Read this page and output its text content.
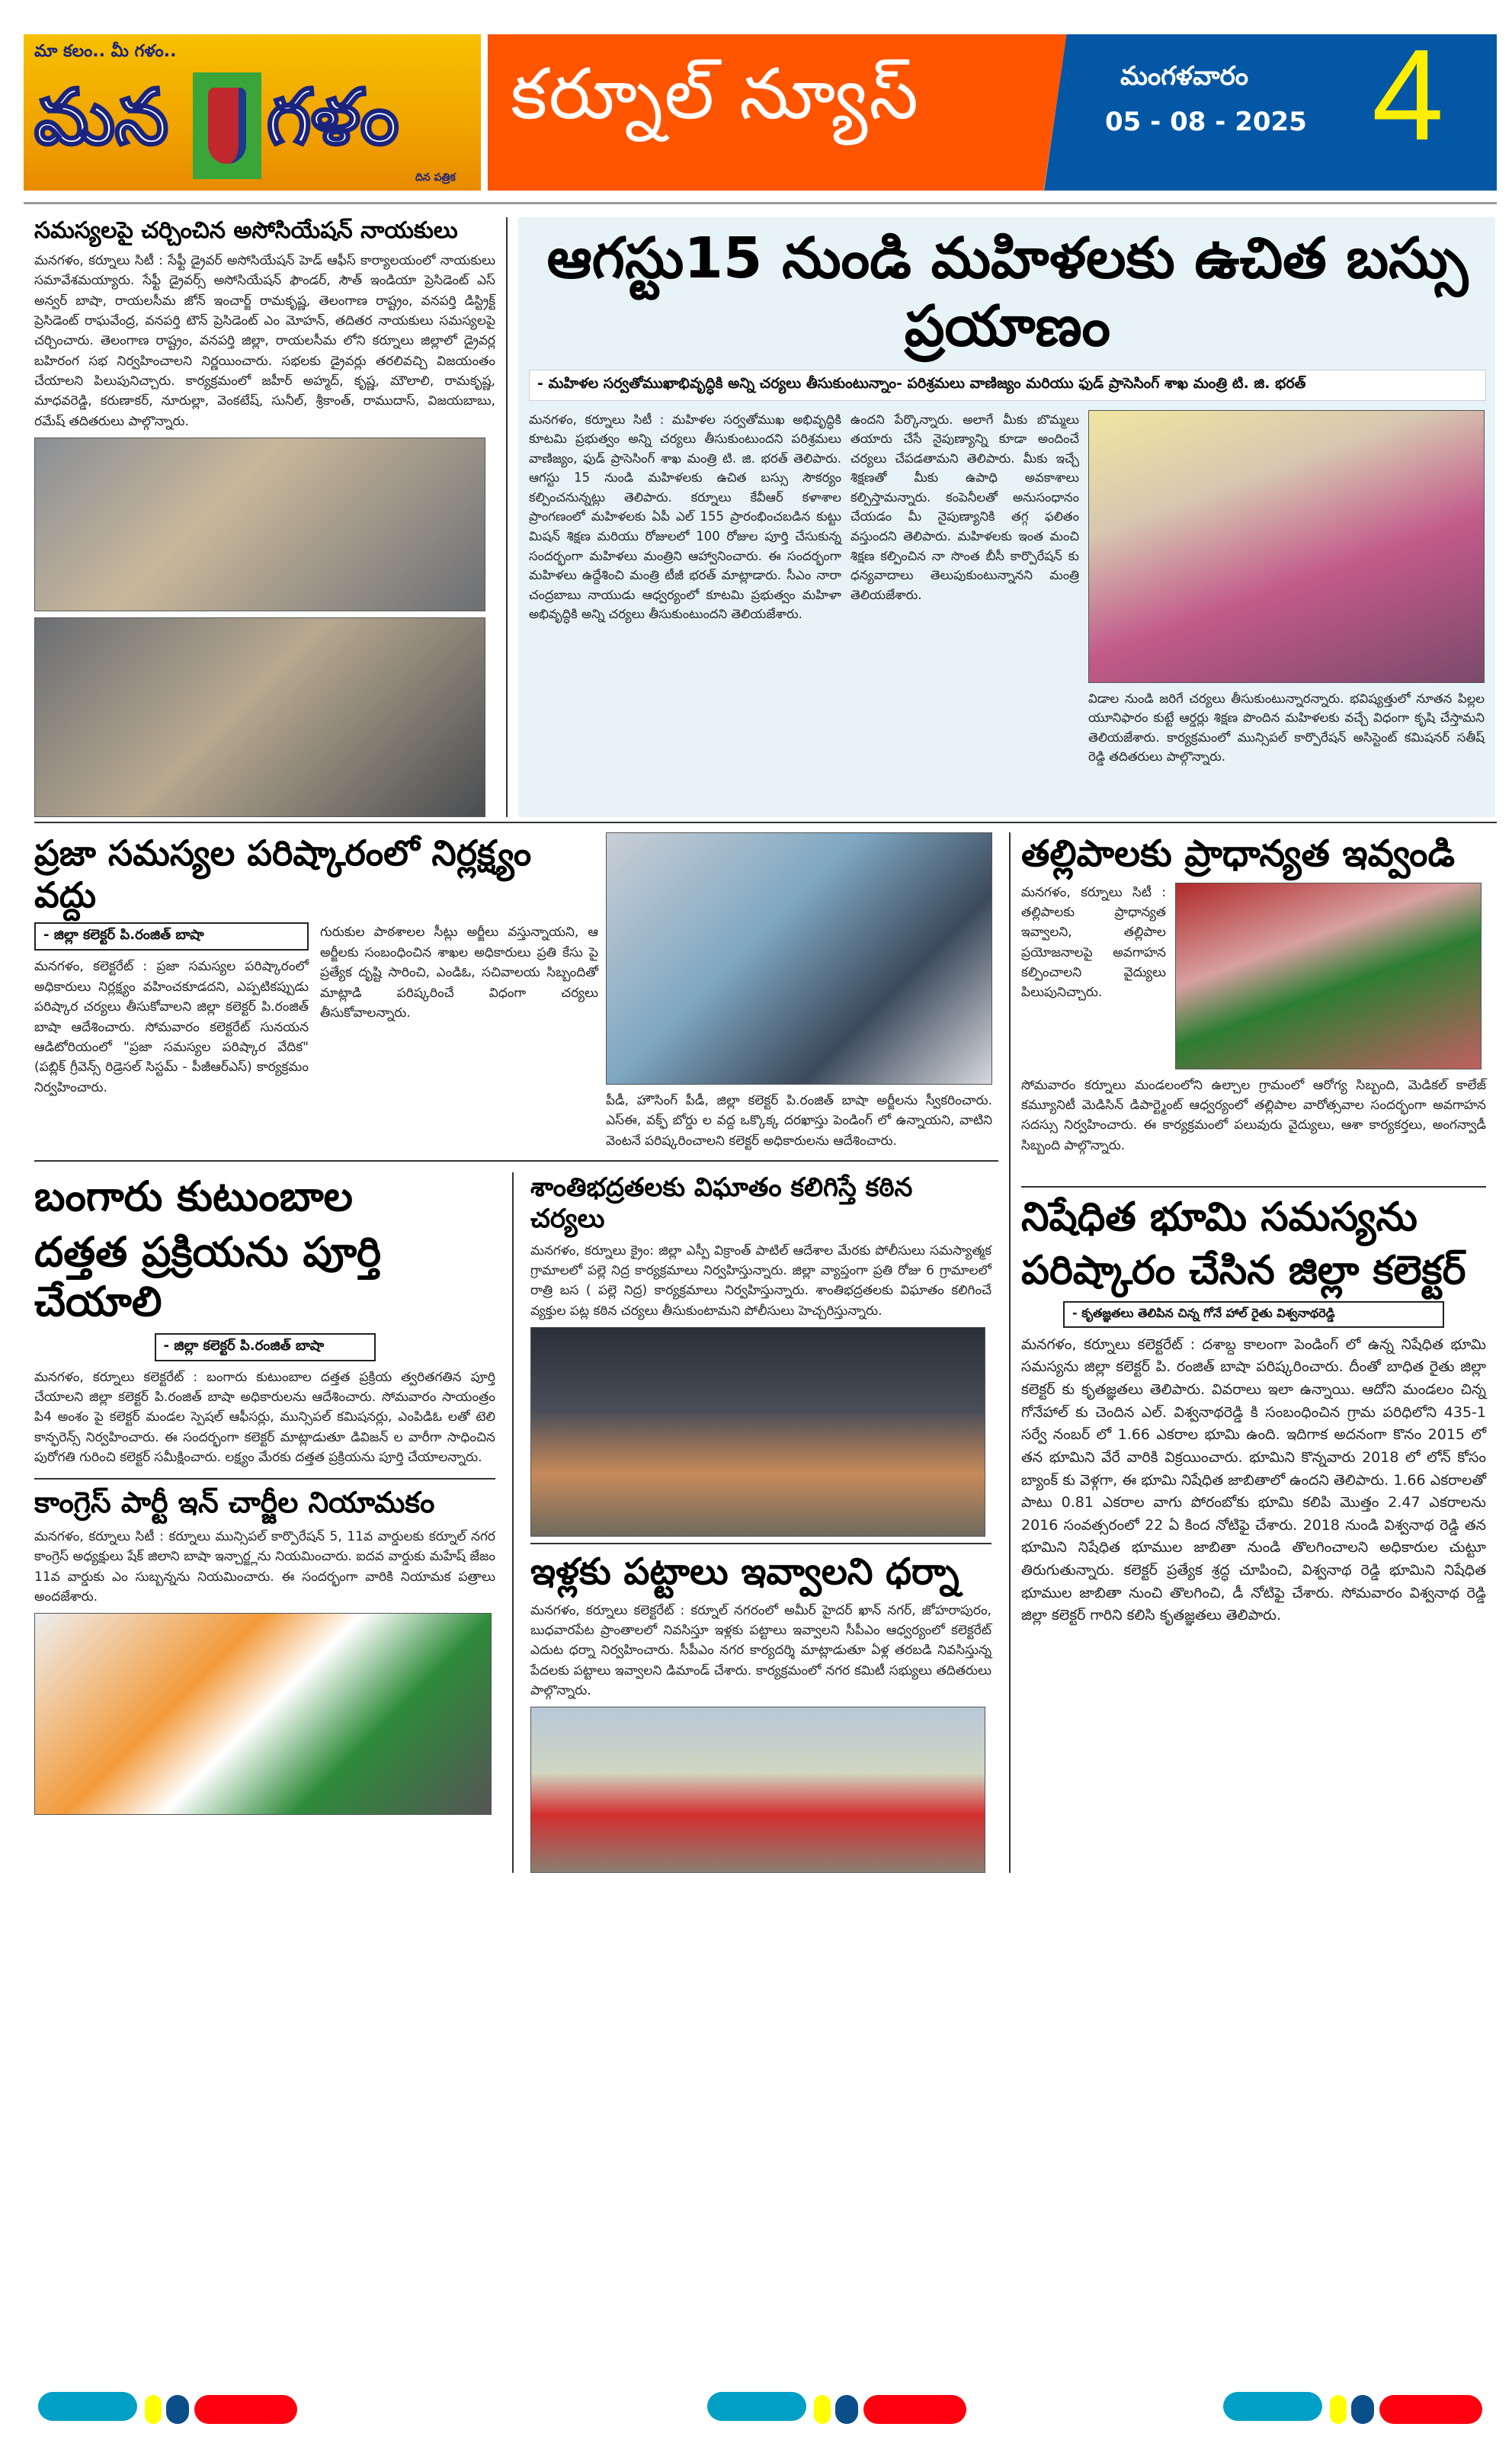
మా కలం.. మీ గళం..
మన గళం
దిన పత్రిక
కర్నూల్ న్యూస్	మంగళవారం
05 - 08 - 2025 4
సమస్యలపై చర్చించిన అసోసియేషన్ నాయకులు
మనగళం, కర్నూలు సిటీ : సేఫ్టీ డ్రైవర్ అసోసియేషన్ హెడ్ ఆఫీస్ కార్యాలయంలో నాయకులు సమావేశమయ్యారు. సేఫ్టీ డ్రైవర్స్ అసోసియేషన్ ఫౌండర్, సౌత్ ఇండియా ప్రెసిడెంట్ ఎస్ అన్వర్ బాషా, రాయలసీమ జోన్ ఇంచార్జ్ రామకృష్ణ, తెలంగాణ రాష్ట్రం, వనపర్తి డిస్ట్రిక్ట్ ప్రెసిడెంట్ రాఘవేంద్ర, వనపర్తి టౌన్ ప్రెసిడెంట్ ఎం మోహన్, తదితర నాయకులు సమస్యలపై చర్చించారు. తెలంగాణ రాష్ట్రం, వనపర్తి జిల్లా, రాయలసీమ లోని కర్నూలు జిల్లాలో డ్రైవర్ల బహిరంగ సభ నిర్వహించాలని నిర్ణయించారు. సభలకు డ్రైవర్లు తరలివచ్చి విజయంతం చేయాలని పిలుపునిచ్చారు. కార్యక్రమంలో జహీర్ అహ్మద్, కృష్ణ, మౌలాలి, రామకృష్ణ, మాధవరెడ్డి, కరుణాకర్, నూరుల్లా, వెంకటేష్, సునీల్, శ్రీకాంత్, రాముదాస్, విజయబాబు, రమేష్ తదితరులు పాల్గొన్నారు.
ఆగస్టు15 నుండి మహిళలకు ఉచిత బస్సు ప్రయాణం
- మహిళల సర్వతోముఖాభివృద్ధికి అన్ని చర్యలు తీసుకుంటున్నాం- పరిశ్రమలు వాణిజ్యం మరియు ఫుడ్ ప్రాసెసింగ్ శాఖ మంత్రి టి. జి. భరత్
మనగళం, కర్నూలు సిటీ : మహిళల సర్వతోముఖ అభివృద్ధికి కూటమి ప్రభుత్వం అన్ని చర్యలు తీసుకుంటుందని పరిశ్రమలు వాణిజ్యం, ఫుడ్ ప్రాసెసింగ్ శాఖ మంత్రి టి. జి. భరత్ తెలిపారు. ఆగస్టు 15 నుండి మహిళలకు ఉచిత బస్సు సౌకర్యం కల్పించనున్నట్లు తెలిపారు. కర్నూలు కేవీఆర్ కళాశాల ప్రాంగణంలో మహిళలకు ఏపీ ఎల్ 155 ప్రారంభించబడిన కుట్టు మిషన్ శిక్షణ మరియు రోజులలో 100 రోజుల పూర్తి చేసుకున్న సందర్భంగా మహిళలు మంత్రిని ఆహ్వానించారు. ఈ సందర్భంగా మహిళలు ఉద్దేశించి మంత్రి టీజీ భరత్ మాట్లాడారు. సీఎం నారా చంద్రబాబు నాయుడు ఆధ్వర్యంలో కూటమి ప్రభుత్వం మహిళా అభివృద్ధికి అన్ని చర్యలు తీసుకుంటుందని తెలియజేశారు.
ఉందని పేర్కొన్నారు. అలాగే మీకు బొమ్మలు తయారు చేసే నైపుణ్యాన్ని కూడా అందించే చర్యలు చేపడతామని తెలిపారు. మీకు ఇచ్చే శిక్షణతో మీకు ఉపాధి అవకాశాలు కల్పిస్తామన్నారు. కంపెనీలతో అనుసంధానం చేయడం మీ నైపుణ్యానికి తగ్గ ఫలితం వస్తుందని తెలిపారు. మహిళలకు ఇంత మంచి శిక్షణ కల్పించిన నా సొంత బీసీ కార్పొరేషన్ కు ధన్యవాదాలు తెలుపుకుంటున్నానని మంత్రి తెలియజేశారు.
విడాల నుండి జరిగే చర్యలు తీసుకుంటున్నారన్నారు. భవిష్యత్తులో నూతన పిల్లల యూనిఫారం కుట్టే ఆర్డర్లు శిక్షణ పొందిన మహిళలకు వచ్చే విధంగా కృషి చేస్తామని తెలియజేశారు. కార్యక్రమంలో మున్సిపల్ కార్పొరేషన్ అసిస్టెంట్ కమిషనర్ సతీష్ రెడ్డి తదితరులు పాల్గొన్నారు.
ప్రజా సమస్యల పరిష్కారంలో నిర్లక్ష్యం వద్దు
- జిల్లా కలెక్టర్ పి.రంజిత్ బాషా
మనగళం, కలెక్టరేట్ : ప్రజా సమస్యల పరిష్కారంలో అధికారులు నిర్లక్ష్యం వహించకూడదని, ఎప్పటికప్పుడు పరిష్కార చర్యలు తీసుకోవాలని జిల్లా కలెక్టర్ పి.రంజిత్ బాషా ఆదేశించారు. సోమవారం కలెక్టరేట్ సునయన ఆడిటోరియంలో "ప్రజా సమస్యల పరిష్కార వేదిక" (పబ్లిక్ గ్రీవెన్స్ రిడ్రెసల్ సిస్టమ్ - పీజీఆర్ఎస్) కార్యక్రమం నిర్వహించారు.
గురుకుల పాఠశాలల సీట్లు అర్జీలు వస్తున్నాయని, ఆ అర్జీలకు సంబంధించిన శాఖల అధికారులు ప్రతి కేసు పై ప్రత్యేక దృష్టి సారించి, ఎండిఓ, సచివాలయ సిబ్బందితో మాట్లాడి పరిష్కరించే విధంగా చర్యలు తీసుకోవాలన్నారు.
పీడీ, హౌసింగ్ పీడీ, జిల్లా కలెక్టర్ పి.రంజిత్ బాషా అర్జీలను స్వీకరించారు. ఎస్ఈ, వక్ఫ్ బోర్డు ల వద్ద ఒక్కొక్క దరఖాస్తు పెండింగ్ లో ఉన్నాయని, వాటిని వెంటనే పరిష్కరించాలని కలెక్టర్ అధికారులను ఆదేశించారు.
బంగారు కుటుంబాల
దత్తత ప్రక్రియను పూర్తి చేయాలి
- జిల్లా కలెక్టర్ పి.రంజిత్ బాషా
మనగళం, కర్నూలు కలెక్టరేట్ : బంగారు కుటుంబాల దత్తత ప్రక్రియ త్వరితగతిన పూర్తి చేయాలని జిల్లా కలెక్టర్ పి.రంజిత్ బాషా అధికారులను ఆదేశించారు. సోమవారం సాయంత్రం పి4 అంశం పై కలెక్టర్ మండల స్పెషల్ ఆఫీసర్లు, మున్సిపల్ కమిషనర్లు, ఎంపిడిఓ లతో టెలి కాన్ఫరెన్స్ నిర్వహించారు. ఈ సందర్భంగా కలెక్టర్ మాట్లాడుతూ డివిజన్ ల వారీగా సాధించిన పురోగతి గురించి కలెక్టర్ సమీక్షించారు. లక్ష్యం మేరకు దత్తత ప్రక్రియను పూర్తి చేయాలన్నారు.
కాంగ్రెస్ పార్టీ ఇన్ చార్జీల నియామకం
మనగళం, కర్నూలు సిటీ : కర్నూలు మున్సిపల్ కార్పొరేషన్ 5, 11వ వార్డులకు కర్నూల్ నగర కాంగ్రెస్ అధ్యక్షులు షేక్ జిలాని బాషా ఇన్చార్జ్లను నియమించారు. ఐదవ వార్డుకు మహేష్ జేజం 11వ వార్డుకు ఎం సుబ్బన్నను నియమించారు. ఈ సందర్భంగా వారికి నియామక పత్రాలు అందజేశారు.
శాంతిభద్రతలకు విఘాతం కలిగిస్తే కఠిన చర్యలు
మనగళం, కర్నూలు క్రైం: జిల్లా ఎస్పీ విక్రాంత్ పాటిల్ ఆదేశాల మేరకు పోలీసులు సమస్యాత్మక గ్రామాలలో పల్లె నిద్ర కార్యక్రమాలు నిర్వహిస్తున్నారు. జిల్లా వ్యాప్తంగా ప్రతి రోజు 6 గ్రామాలలో రాత్రి బస ( పల్లె నిద్ర) కార్యక్రమాలు నిర్వహిస్తున్నారు. శాంతిభద్రతలకు విఘాతం కలిగించే వ్యక్తుల పట్ల కఠిన చర్యలు తీసుకుంటామని పోలీసులు హెచ్చరిస్తున్నారు.
ఇళ్లకు పట్టాలు ఇవ్వాలని ధర్నా
మనగళం, కర్నూలు కలెక్టరేట్ : కర్నూల్ నగరంలో అమీర్ హైదర్ ఖాన్ నగర్, జోహరాపురం, బుధవారపేట ప్రాంతాలలో నివసిస్తూ ఇళ్లకు పట్టాలు ఇవ్వాలని సీపీఎం ఆధ్వర్యంలో కలెక్టరేట్ ఎదుట ధర్నా నిర్వహించారు. సీపీఎం నగర కార్యదర్శి మాట్లాడుతూ ఏళ్ల తరబడి నివసిస్తున్న పేదలకు పట్టాలు ఇవ్వాలని డిమాండ్ చేశారు. కార్యక్రమంలో నగర కమిటీ సభ్యులు తదితరులు పాల్గొన్నారు.
తల్లిపాలకు ప్రాధాన్యత ఇవ్వండి
మనగళం, కర్నూలు సిటీ : తల్లిపాలకు ప్రాధాన్యత ఇవ్వాలని, తల్లిపాల ప్రయోజనాలపై అవగాహన కల్పించాలని వైద్యులు పిలుపునిచ్చారు.
సోమవారం కర్నూలు మండలంలోని ఉల్చాల గ్రామంలో ఆరోగ్య సిబ్బంది, మెడికల్ కాలేజ్ కమ్యూనిటీ మెడిసిన్ డిపార్ట్మెంట్ ఆధ్వర్యంలో తల్లిపాల వారోత్సవాల సందర్భంగా అవగాహన సదస్సు నిర్వహించారు. ఈ కార్యక్రమంలో పలువురు వైద్యులు, ఆశా కార్యకర్తలు, అంగన్వాడీ సిబ్బంది పాల్గొన్నారు.
నిషేధిత భూమి సమస్యను
పరిష్కారం చేసిన జిల్లా కలెక్టర్
- కృతజ్ఞతలు తెలిపిన చిన్న గోనే హాల్ రైతు విశ్వనాథరెడ్డి
మనగళం, కర్నూలు కలెక్టరేట్ : దశాబ్ద కాలంగా పెండింగ్ లో ఉన్న నిషేధిత భూమి సమస్యను జిల్లా కలెక్టర్ పి. రంజిత్ బాషా పరిష్కరించారు. దీంతో బాధిత రైతు జిల్లా కలెక్టర్ కు కృతజ్ఞతలు తెలిపారు. వివరాలు ఇలా ఉన్నాయి. ఆదోని మండలం చిన్న గోనేహాల్ కు చెందిన ఎల్. విశ్వనాథరెడ్డి కి సంబంధించిన గ్రామ పరిధిలోని 435-1 సర్వే నంబర్ లో 1.66 ఎకరాల భూమి ఉంది. ఇదిగాక అదనంగా కొనం 2015 లో తన భూమిని వేరే వారికి విక్రయించారు. భూమిని కొన్నవారు 2018 లో లోన్ కోసం బ్యాంక్ కు వెళ్గగా, ఈ భూమి నిషేధిత జాబితాలో ఉందని తెలిపారు. 1.66 ఎకరాలతో పాటు 0.81 ఎకరాల వాగు పోరంబోకు భూమి కలిపి మొత్తం 2.47 ఎకరాలను 2016 సంవత్సరంలో 22 ఏ కింద నోటిఫై చేశారు. 2018 నుండి విశ్వనాథ రెడ్డి తన భూమిని నిషేధిత భూముల జాబితా నుండి తొలగించాలని అధికారుల చుట్టూ తిరుగుతున్నారు. కలెక్టర్ ప్రత్యేక శ్రద్ధ చూపించి, విశ్వనాథ రెడ్డి భూమిని నిషేధిత భూముల జాబితా నుంచి తొలగించి, డీ నోటిఫై చేశారు. సోమవారం విశ్వనాథ రెడ్డి జిల్లా కలెక్టర్ గారిని కలిసి కృతజ్ఞతలు తెలిపారు.
